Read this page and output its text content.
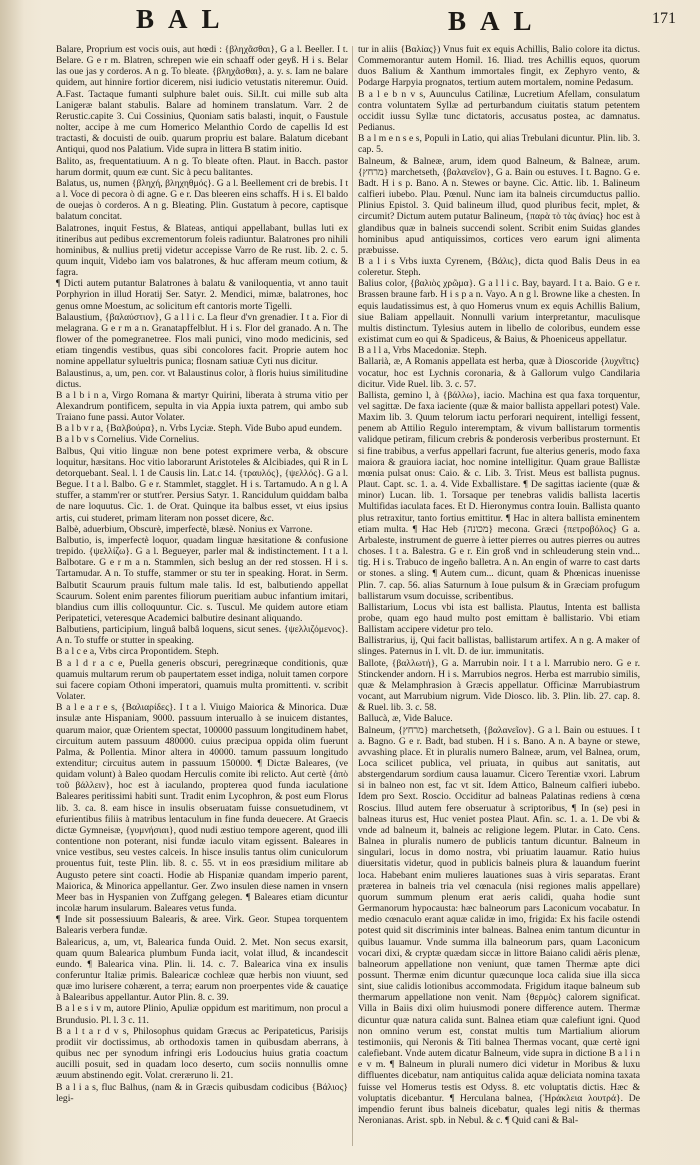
BAL	BAL	171

Balare, Proprium est vocis ouis, aut hœdi : {βληχᾶσθαι}, G a l. Beeller. I t. Belare. G e r m. Blatren, schrepen wie ein schaaff oder geyß. H i s. Belar las oue jas y corderos. A n g. To bleate. {βληχᾶσθαι}, a. y. s. Iam ne balare quidem, aut hinnire fortior dicerem, nisi iudicio vetustatis niteremur. Ouid. A.Fast. Tactaque fumanti sulphure balet ouis. Sil.It. cui mille sub alta Lanigeræ balant stabulis. Balare ad hominem translatum. Varr. 2 de Rerustic.capite 3. Cui Cossinius, Quoniam satis balasti, inquit, o Faustule nolter, accipe à me cum Homerico Melanthio Cordo de capellis Id est tractasti, & docuisti de ouib. quarum propriu est balare. Balatum dicebant Antiqui, quod nos Palatium. Vide supra in littera B statim initio.

Balito, as, frequentatiuum. A n g. To bleate often. Plaut. in Bacch. pastor harum dormit, quum eæ cunt. Sic à pecu balitantes.

Balatus, us, numen {βληχή, βληχηθμός}. G a l. Beellement cri de brebis. I t a l. Voce di pecora ò di agne. G e r. Das bleeren eins schaffs. H i s. El baldo de ouejas ò corderos. A n g. Bleating. Plin. Gustatum à pecore, captisque balatum concitat.

Balatrones, inquit Festus, & Blateas, antiqui appellabant, bullas luti ex itineribus aut pedibus excrementorum foleis radiuntur. Balatrones pro nihili hominibus, & nullius pretij videtur accepisse Varro de Re rust. lib. 2. c. 5. quum inquit, Videbo iam vos balatrones, & huc afferam meum cotium, & fagra.

¶ Dicti autem putantur Balatrones à balatu & vaniloquentia, vt anno tauit Porphyrion in illud Horatij Ser. Satyr. 2. Mendici, mimæ, balatrones, hoc genus omne Moestum, ac solicitum eft cantoris morte Tigelli.

Balaustium, {βαλαύστιον}, G a l l i c. La fleur d'vn grenadier. I t a. Fior di melagrana. G e r m a n. Granatapffelblut. H i s. Flor del granado. A n. The flower of the pomegranetree. Flos mali punici, vino modo medicinis, sed etiam tingendis vestibus, quas sibi concolores facit. Proprie autem hoc nomine appellatur sylueltris punica; flosnam satiuæ Cyti nus dicitur.

Balaustinus, a, um, pen. cor. vt Balaustinus color, à floris huius similitudine dictus.

B a l b i n a, Virgo Romana & martyr Quirini, liberata à struma vitio per Alexandrum pontificem, sepulta in via Appia iuxta patrem, qui ambo sub Traiano fune passi. Autor Volater.

B a l b v r a, {Βαλβούρα}, n. Vrbs Lyciæ. Steph. Vide Bubo apud eundem.

B a l b v s Cornelius. Vide Cornelius.

Balbus, Qui vitio linguæ non bene potest exprimere verba, & obscure loquitur, hæsitans. Hoc vitio laborarunt Aristoteles & Alcibiades, qui R in L detorquebant. Seal. l. 1 de Causis lin. Lat.c 14. {τραυλός}, {ψελλός}. G a l. Begue. I t a l. Balbo. G e r. Stammlet, stagglet. H i s. Tartamudo. A n g l. A stuffer, a stamm'rer or stutt'rer. Persius Satyr. 1. Rancidulum quiddam balba de nare loquutus. Cic. 1. de Orat. Quinque ita balbus esset, vt eius ipsius artis, cui studeret, primam literam non posset dicere, &c.

Balbè, aduerbium, Obscurè, imperfectè, blæsè. Nonius ex Varrone.

Balbutio, is, imperfectè loquor, quadam linguæ hæsitatione & confusione trepido. {ψελλίζω}. G a l. Begueyer, parler mal & indistinctement. I t a l. Balbotare. G e r m a n. Stammlen, sich beslug an der red stossen. H i s. Tartamudar. A n. To stuffe, stammer or stu ter in speaking. Horat. in Serm. Balbutit Scaurum prauis fultum male talis. Id est, balbutiendo appellat Scaurum. Solent enim parentes filiorum pueritiam aubuc infantium imitari, blandius cum illis colloquuntur. Cic. s. Tuscul. Me quidem autore etiam Peripatetici, veteresque Academici balbutire desinant aliquando.

Balbutiens, participium, linguâ balbâ loquens, sicut senes. {ψελλιζόμενος}. A n. To stuffe or stutter in speaking.

B a l c e a, Vrbs circa Propontidem. Steph.

B a l d r a c e, Puella generis obscuri, peregrinæque conditionis, quæ quamuis multarum rerum ob paupertatem esset indiga, noluit tamen corpore sui facere copiam Othoni imperatori, quamuis multa promittenti. v. scribit Volater.

B a l e a r e s, {Βαλιαρίδες}. I t a l. Viuigo Maiorica & Minorica. Duæ insulæ ante Hispaniam, 9000. passuum interuallo à se inuicem distantes, quarum maior, quæ Orientem spectat, 100000 passuum longitudinem habet, circuitum autem passuum 480000. cuius præcipua oppida olim fuerunt Palma, & Pollentia. Minor altera in 40000. tamum passuum longitudo extenditur; circuitus autem in passuum 150000. ¶ Dictæ Baleares, (ve quidam volunt) à Baleo quodam Herculis comite ibi relicto. Aut certè {ἀπὸ τοῦ βάλλειν}, hoc est à iaculando, propterea quod funda iaculatione Baleares peritissimi habiti sunt. Tradit enim Lycophron, & post eum Florus lib. 3. ca. 8. eam hisce in insulis obseruatam fuisse consuetudinem, vt efurientibus filiis à matribus lentaculum in fine funda deuecere. At Graecis dictæ Gymneisæ, {γυμνήσιαι}, quod nudi æstiuo tempore agerent, quod illi contentione non poterant, nisi fundæ iaculo vitam egissent. Baleares in vnice vestibus, seu vestes calceis. In hisce insulis tantus olim cuniculorum prouentus fuit, teste Plin. lib. 8. c. 55. vt in eos præsidium militare ab Augusto petere sint coacti. Hodie ab Hispaniæ quandam imperio parent, Maiorica, & Minorica appellantur. Ger. Zwo insulen diese namen in vnsern Meer bas in Hyspanien von Zuffgang gelegen. ¶ Baleares etiam dicuntur incolæ harum insularum. Baleares vetus funda.

¶ Inde sit possessiuum Balearis, & aree. Virk. Geor. Stupea torquentem Balearis verbera fundæ.

Balearicus, a, um, vt, Balearica funda Ouid. 2. Met. Non secus exarsit, quam quum Balearica plumbum Funda iacit, volat illud, & incandescit eundo. ¶ Balearica vina. Plin. li. 14. c. 7. Balearica vina ex insulis conferuntur Italiæ primis. Balearicæ cochleæ quæ herbis non viuunt, sed quæ imo lurisere cohærent, a terra; earum non proerpentes vide & cauatiçe à Balearibus appellantur. Autor Plin. 8. c. 39.

B a l e s i v m, autore Plinio, Apuliæ oppidum est maritimum, non procul a Brundusio. Pl. l. 3 c. 11.

B a l t a r d v s, Philosophus quidam Græcus ac Peripateticus, Parisijs prodiit vir doctissimus, ab orthodoxis tamen in quibusdam aberrans, à quibus nec per synodum infringi eris Lodoucius huius gratia coactum aucilli posuit, sed in quadam loco deserto, cum sociis nonnullis omne æuum abstinendo egit. Volat. creræruno li. 21.

B a l i a s, fluc Balhus, (nam & in Græcis quibusdam codicibus {Βάλιος} legi-

tur in aliis {Βαλίας}) Vnus fuit ex equis Achillis, Balio colore ita dictus. Commemorantur autem Homil. 16. Iliad. tres Achillis equos, quorum duos Balium & Xanthum immortales fingit, ex Zephyro vento, & Podarge Harpyia prognatos, tertium autem mortalem, nomine Pedasum.

B a l e b n v s, Auunculus Catilinæ, Lucretium Afellam, consulatum contra voluntatem Syllæ ad perturbandum ciuitatis statum petentem occidit iussu Syllæ tunc dictatoris, accusatus postea, ac damnatus. Pedianus.

B a l m e n s e s, Populi in Latio, qui alias Trebulani dicuntur. Plin. lib. 3. cap. 5.

Balneum, & Balneæ, arum, idem quod Balneum, & Balneæ, arum. {מרחץ} marchetseth, {βαλανεῖον}, G a. Bain ou estuves. I t. Bagno. G e. Badt. H i s p. Bano. A n. Stewes or bayne. Cic. Attic. lib. 1. Balineum calfieri iubebo. Plau. Pœnul. Nunc iam ita balneis circumductus pallio. Plinius Epistol. 3. Quid balineum illud, quod pluribus fecit, mplet, & circumit? Dictum autem putatur Balineum, {παρὰ τὸ τὰς ἀνίας} hoc est à glandibus quæ in balneis succendi solent. Scribit enim Suidas glandes hominibus apud antiquissimos, cortices vero earum igni alimenta præbuisse.

B a l i s Vrbs iuxta Cyrenem, {Βάλις}, dicta quod Balis Deus in ea coleretur. Steph.

Balius color, {βαλιὸς χρῶμα}. G a l l i c. Bay, bayard. I t a. Baio. G e r. Brassen braune farb. H i s p a n. Vayo. A n g l. Browne like a chesten. In equis laudatissimus est, à quo Homerus vnum ex equis Achillis Balium, siue Baliam appellauit. Nonnulli varium interpretantur, maculisque multis distinctum. Tylesius autem in libello de coloribus, eundem esse existimat cum eo qui & Spadiceus, & Baius, & Phoeniceus appellatur.

B a l l a, Vrbs Macedoniæ. Steph.

Ballarià, æ, A Romanis appellata est herba, quæ à Dioscoride {λυχνῖτις} vocatur, hoc est Lychnis coronaria, & à Gallorum vulgo Candilaria dicitur. Vide Ruel. lib. 3. c. 57.

Ballista, gemino l, à {βάλλω}, iacio. Machina est qua faxa torquentur, vel sagittæ. De faxa iaciente (quæ & maior ballista appellari potest) Vale. Maxim lib. 3. Quum telorum iactu perforari nequirent, intelligi fessent, penem ab Attilio Regulo interemptam, & vivum ballistarum tormentis validque petiram, filicum crebris & ponderosis verberibus prosternunt. Et si fine trabibus, a verfus appellari facrunt, fue alterius generis, modo faxa maiora & grauiora iaciat, hoc nomine intelligitur. Quam graue Ballistæ mœnia pulsat onus: Caio. & c. Lib. 3. Trist. Meus est ballista pugnus. Plaut. Capt. sc. 1. a. 4. Vide Exballistare. ¶ De sagittas iaciente (quæ & minor) Lucan. lib. 1. Torsaque per tenebras validis ballista lacertis Multifidas iaculata faces. Et D. Hieronymus contra Iouin. Ballista quanto plus retraxitur, tanto fortius emittitur. ¶ Hac in altera ballista eminentem etiam multa. ¶ Hac Heb {מכונה} mecona. Græci {πετροβόλος} G a. Arbaleste, instrument de guerre à ietter pierres ou autres pierres ou autres choses. I t a. Balestra. G e r. Ein groß vnd in schleuderung stein vnd... tig. H i s. Trabuco de ingeño balletra. A n. An engin of warre to cast darts or stones. a sling. ¶ Autem cum... dicunt, quam & Phœnicas inuenisse Plin. 7. cap. 56. alias Saturnum à Ioue pulsum & in Græciam profugum ballistarum vsum docuisse, scribentibus.

Ballistarium, Locus vbi ista est ballista. Plautus, Intenta est ballista probe, quam ego haud multo post emittam è ballistario. Vbi etiam Ballistam accipere videtur pro telo.

Ballistrarius, ij, Qui facit ballistas, ballistarum artifex. A n g. A maker of slinges. Paternus in I. vlt. D. de iur. immunitatis.

Ballote, {βαλλωτή}, G a. Marrubin noir. I t a l. Marrubio nero. G e r. Stinckender andorn. H i s. Marrubios negros. Herba est marrubio similis, quæ & Melamphrasion à Græcis appellatur. Officinæ Marrubiastrum vocant, aut Marrubium nigrum. Vide Diosco. lib. 3. Plin. lib. 27. cap. 8. & Ruel. lib. 3. c. 58.

Ballucà, æ, Vide Baluce.

Balneum, {מרחץ} marchetseth, {βαλανεῖον}. G a l. Bain ou estuues. I t a. Bagno. G e r. Badt, bad stuben. H i s. Bano. A n. A bayne or stewe, avvashing place. Et in pluralis numero Balneæ, arum, vel Balnea, orum, Loca scilicet publica, vel priuata, in quibus aut sanitatis, aut abstergendarum sordium causa lauamur. Cicero Terentiæ vxori. Labrum si in balneo non est, fac vt sit. Idem Attico, Balneum calfieri iubebo. Idem pro Sext. Roscio. Occiditur ad balneas Palatinas rediens à cœna Roscius. Illud autem fere obseruatur à scriptoribus, ¶ In (se) pesi in balneas iturus est, Huc veniet postea Plaut. Afin. sc. 1. a. 1. De vbi & vnde ad balneum it, balneis ac religione legem. Plutar. in Cato. Cens. Balnea in pluralis numero de publicis tantum dicuntur. Balneum in singulari, locus in domo nostra, vbi priuatim lauamur. Ratio huius diuersitatis videtur, quod in publicis balneis plura & lauandum fuerint loca. Habebant enim mulieres lauationes suas à viris separatas. Erant præterea in balneis tria vel cœnacula (nisi regiones malis appellare) quorum summum plenum erat aeris calidi, quaha hodie sunt Germanorum hypocausta: hæc balneorum pars Laconicum vocabatur. In medio cœnaculo erant aquæ calidæ in imo, frigida: Ex his facile ostendi potest quid sit discriminis inter balneas. Balnea enim tantum dicuntur in quibus lauamur. Vnde summa illa balneorum pars, quam Laconicum vocari dixi, & cryptæ quædam siccæ in littore Baiano calidi aëris plenæ, balneorum appellatione non veniunt, quæ tamen Thermæ apte dici possunt. Thermæ enim dicuntur quæcunque loca calida siue illa sicca sint, siue calidis lotionibus accommodata. Frigidum itaque balneum sub thermarum appellatione non venit. Nam {θερμὸς} calorem significat. Villa in Baiis dixi olim huiusmodi ponere difference autem. Thermæ dicuntur quæ natura calida sunt. Balnea etiam quæ calefiunt igni. Quod non omnino verum est, constat multis tum Martialium aliorum testimoniis, qui Neronis & Titi balnea Thermas vocant, quæ certè igni calefiebant. Vnde autem dicatur Balneum, vide supra in dictione B a l i n e v m. ¶ Balneum in plurali numero dici videtur in Moribus & luxu diffluentes dicebatur, nam antiquitus calida aquæ deliciata nomina taxata fuisse vel Homerus testis est Odyss. 8. etc voluptatis dictis. Hæc & voluptatis dicebantur. ¶ Herculana balnea, {Ἡράκλεια λουτρά}. De impendio ferunt ibus balneis dicebatur, quales legi nitis & thermas Neronianas. Arist. spb. in Nebul. & c. ¶ Quid cani & Bal-
